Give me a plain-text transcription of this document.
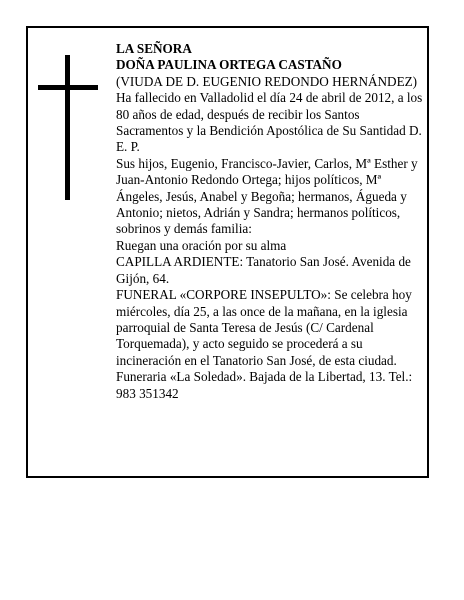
LA SEÑORA

DOÑA PAULINA ORTEGA CASTAÑO

(VIUDA DE D. EUGENIO REDONDO HERNÁNDEZ)

Ha fallecido en Valladolid el día 24 de abril de 2012, a los 80 años de edad, después de recibir los Santos Sacramentos y la Bendición Apostólica de Su Santidad D. E. P.

Sus hijos, Eugenio, Francisco-Javier, Carlos, Mª Esther y Juan-Antonio Redondo Ortega; hijos políticos, Mª Ángeles, Jesús, Anabel y Begoña; hermanos, Águeda y Antonio; nietos, Adrián y Sandra; hermanos políticos, sobrinos y demás familia:

Ruegan una oración por su alma

CAPILLA ARDIENTE: Tanatorio San José. Avenida de Gijón, 64.

FUNERAL «CORPORE INSEPULTO»: Se celebra hoy miércoles, día 25, a las once de la mañana, en la iglesia parroquial de Santa Teresa de Jesús (C/ Cardenal Torquemada), y acto seguido se procederá a su incineración en el Tanatorio San José, de esta ciudad.

Funeraria «La Soledad». Bajada de la Libertad, 13. Tel.: 983 351342
